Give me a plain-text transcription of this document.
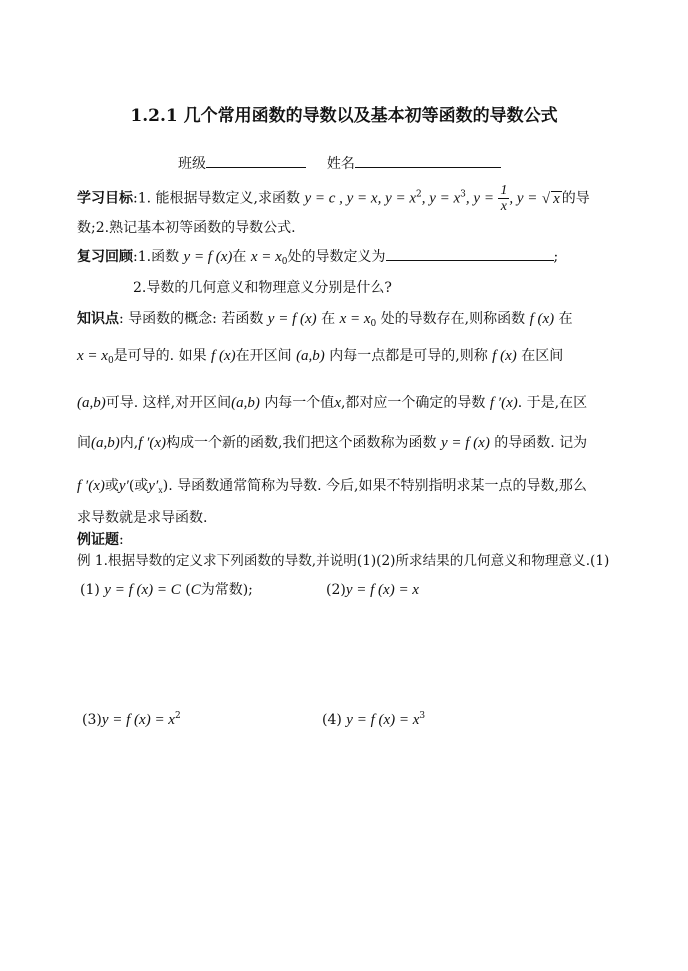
1.2.1 几个常用函数的导数以及基本初等函数的导数公式
班级	姓名
学习目标:1. 能根据导数定义,求函数 y = c , y = x, $y = x^2$, $y = x^3$, $y = \frac{1}{x}$ , y = √ x 的导
数;2.熟记基本初等函数的导数公式.
复习回顾:1.函数 y = f (x)在 $x = x_0$处的导数定义为	;
2.导数的几何意义和物理意义分别是什么?
知识点: 导函数的概念: 若函数 y = f (x) 在 $x = x_0$ 处的导数存在,则称函数 f (x) 在
$x = x_0$是可导的. 如果 f (x)在开区间 (a,b) 内每一点都是可导的,则称 f (x) 在区间
(a,b)可导. 这样,对开区间(a,b) 内每一个值x,都对应一个确定的导数 f ′(x). 于是,在区
间(a,b)内,f ′(x)构成一个新的函数,我们把这个函数称为函数 y = f (x) 的导函数. 记为
f ′(x)或y′(或$y'_x$). 导函数通常简称为导数. 今后,如果不特别指明求某一点的导数,那么
求导数就是求导函数.
例证题:
例 1.根据导数的定义求下列函数的导数,并说明(1)(2)所求结果的几何意义和物理意义.(1)
(1) y = f (x) = C (C为常数);	(2)y = f (x) = x
(3)y = f $(x) = x^2$	(4) y = f $(x) = x^3$
